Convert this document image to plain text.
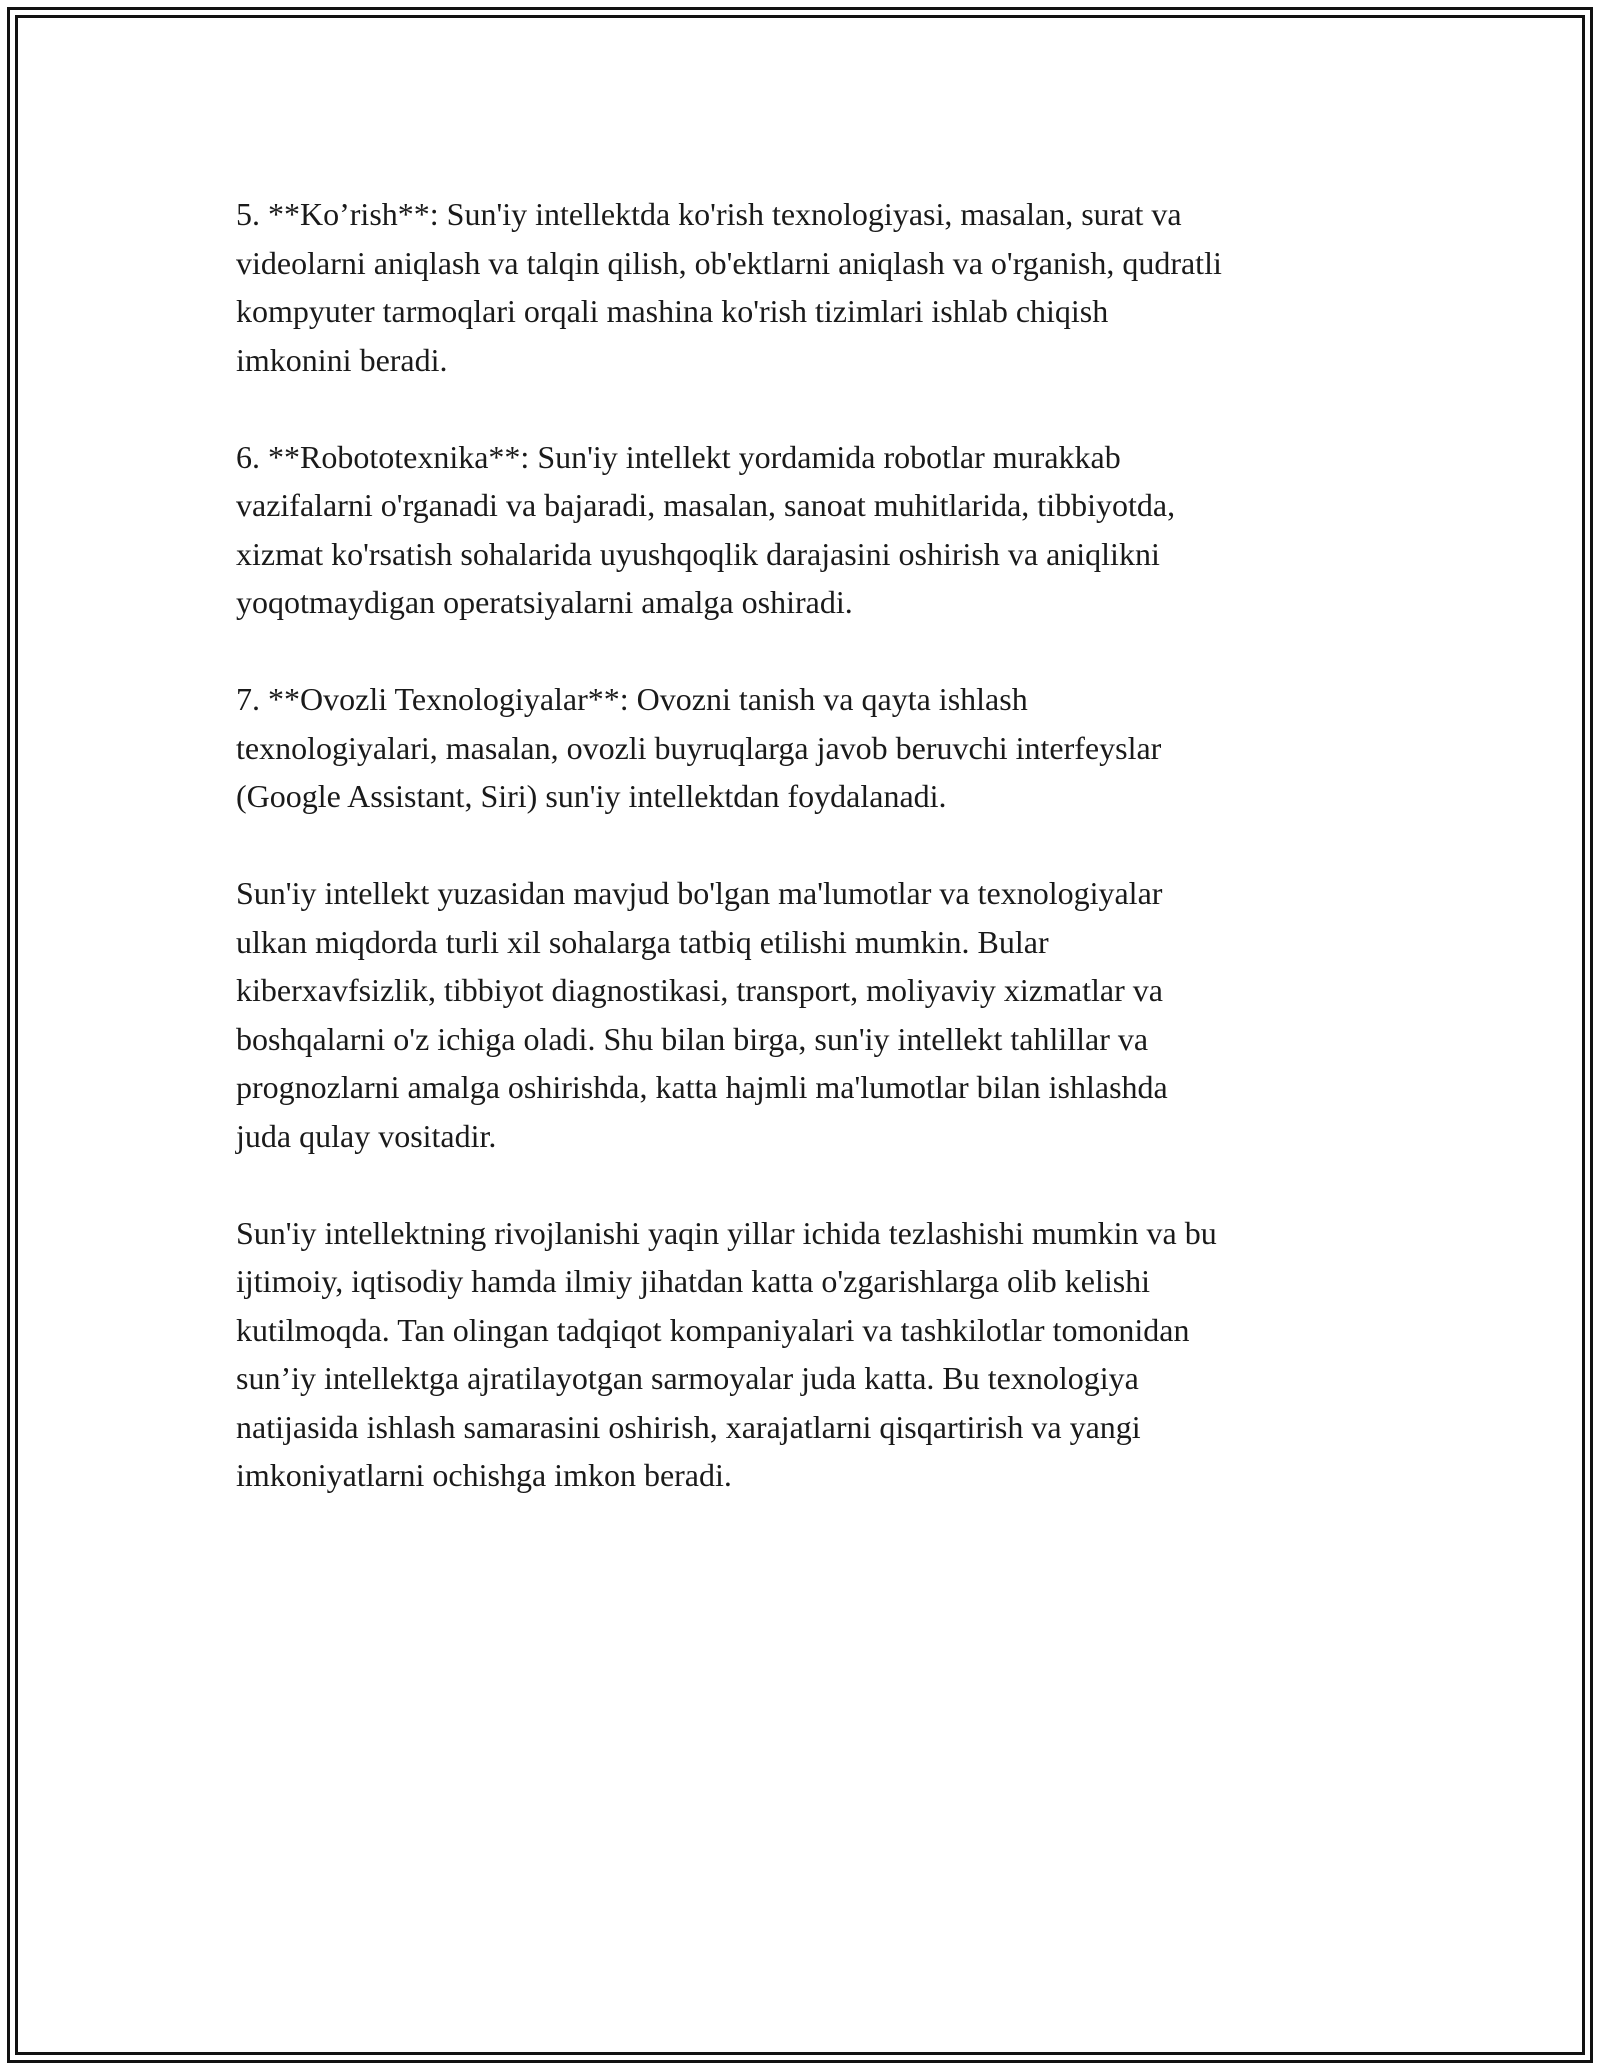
5. **Ko’rish**: Sun'iy intellektda ko'rish texnologiyasi, masalan, surat va
videolarni aniqlash va talqin qilish, ob'ektlarni aniqlash va o'rganish, qudratli
kompyuter tarmoqlari orqali mashina ko'rish tizimlari ishlab chiqish
imkonini beradi.

6. **Robototexnika**: Sun'iy intellekt yordamida robotlar murakkab
vazifalarni o'rganadi va bajaradi, masalan, sanoat muhitlarida, tibbiyotda,
xizmat ko'rsatish sohalarida uyushqoqlik darajasini oshirish va aniqlikni
yoqotmaydigan operatsiyalarni amalga oshiradi.

7. **Ovozli Texnologiyalar**: Ovozni tanish va qayta ishlash
texnologiyalari, masalan, ovozli buyruqlarga javob beruvchi interfeyslar
(Google Assistant, Siri) sun'iy intellektdan foydalanadi.

Sun'iy intellekt yuzasidan mavjud bo'lgan ma'lumotlar va texnologiyalar
ulkan miqdorda turli xil sohalarga tatbiq etilishi mumkin. Bular
kiberxavfsizlik, tibbiyot diagnostikasi, transport, moliyaviy xizmatlar va
boshqalarni o'z ichiga oladi. Shu bilan birga, sun'iy intellekt tahlillar va
prognozlarni amalga oshirishda, katta hajmli ma'lumotlar bilan ishlashda
juda qulay vositadir.

Sun'iy intellektning rivojlanishi yaqin yillar ichida tezlashishi mumkin va bu
ijtimoiy, iqtisodiy hamda ilmiy jihatdan katta o'zgarishlarga olib kelishi
kutilmoqda. Tan olingan tadqiqot kompaniyalari va tashkilotlar tomonidan
sun’iy intellektga ajratilayotgan sarmoyalar juda katta. Bu texnologiya
natijasida ishlash samarasini oshirish, xarajatlarni qisqartirish va yangi
imkoniyatlarni ochishga imkon beradi.
